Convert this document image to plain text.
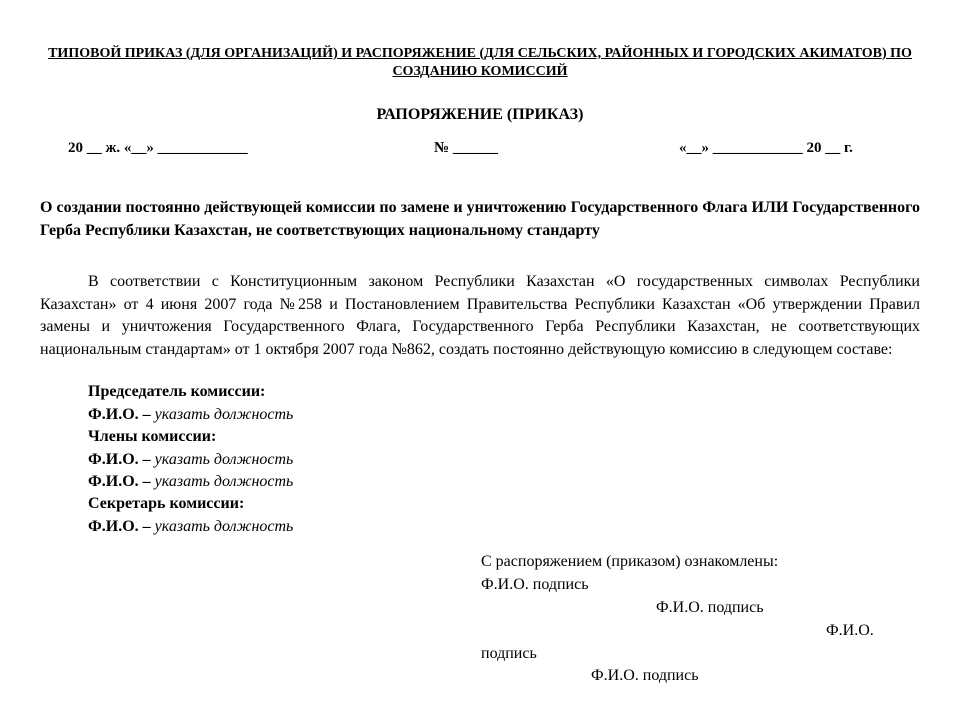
ТИПОВОЙ ПРИКАЗ (ДЛЯ ОРГАНИЗАЦИЙ) И РАСПОРЯЖЕНИЕ (ДЛЯ СЕЛЬСКИХ, РАЙОННЫХ И ГОРОДСКИХ АКИМАТОВ) ПО СОЗДАНИЮ КОМИССИЙ
РАПОРЯЖЕНИЕ (ПРИКАЗ)
20 __ ж. «__» ____________	№ ______	«__» ____________ 20 __ г.
О создании постоянно действующей комиссии по замене и уничтожению Государственного Флага ИЛИ Государственного Герба Республики Казахстан, не соответствующих национальному стандарту
В соответствии с Конституционным законом Республики Казахстан «О государственных символах Республики Казахстан» от 4 июня 2007 года №258 и Постановлением Правительства Республики Казахстан «Об утверждении Правил замены и уничтожения Государственного Флага, Государственного Герба Республики Казахстан, не соответствующих национальным стандартам» от 1 октября 2007 года №862, создать постоянно действующую комиссию в следующем составе:
Председатель комиссии:
Ф.И.О. – указать должность
Члены комиссии:
Ф.И.О. – указать должность
Ф.И.О. – указать должность
Секретарь комиссии:
Ф.И.О. – указать должность
С распоряжением (приказом) ознакомлены:
Ф.И.О. подпись
Ф.И.О. подпись
Ф.И.О.
подпись
Ф.И.О. подпись
